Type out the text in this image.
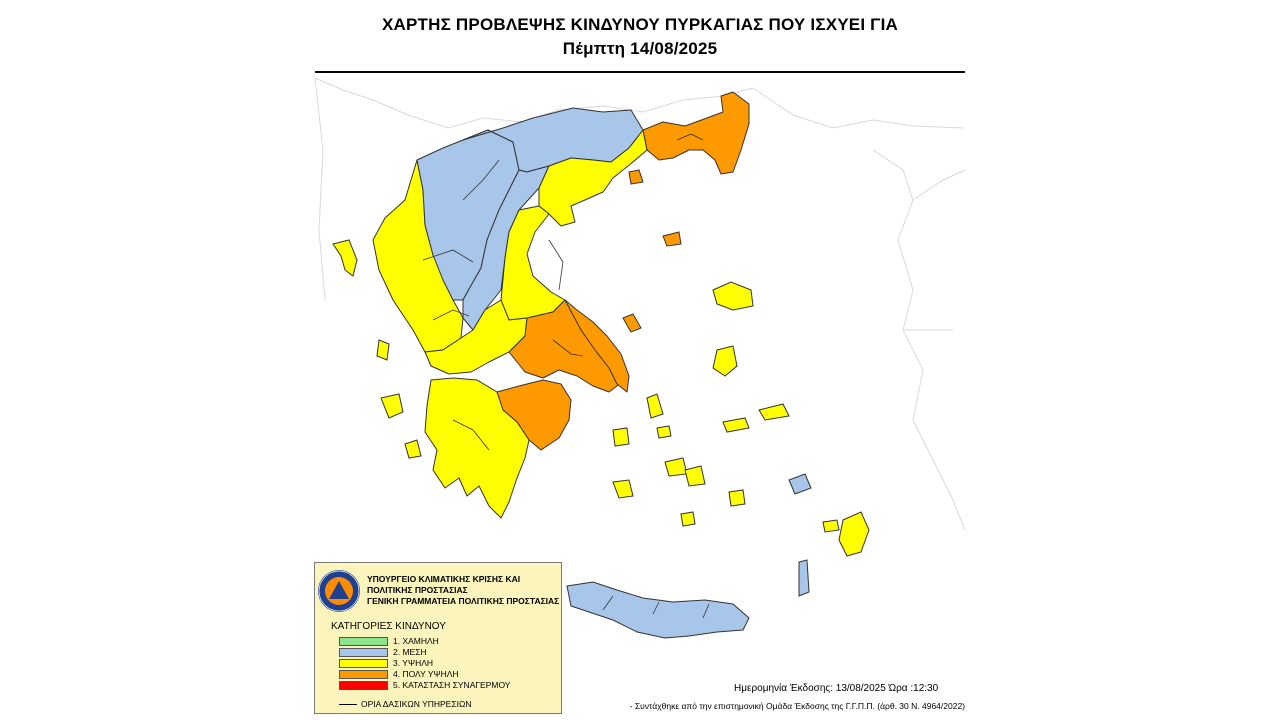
ΧΑΡΤΗΣ ΠΡΟΒΛΕΨΗΣ ΚΙΝΔΥΝΟΥ ΠΥΡΚΑΓΙΑΣ ΠΟΥ ΙΣΧΥΕΙ ΓΙΑ
Πέμπτη 14/08/2025
ΥΠΟΥΡΓΕΙΟ ΚΛΙΜΑΤΙΚΗΣ ΚΡΙΣΗΣ ΚΑΙ
ΠΟΛΙΤΙΚΗΣ ΠΡΟΣΤΑΣΙΑΣ
ΓΕΝΙΚΗ ΓΡΑΜΜΑΤΕΙΑ ΠΟΛΙΤΙΚΗΣ ΠΡΟΣΤΑΣΙΑΣ
ΚΑΤΗΓΟΡΙΕΣ ΚΙΝΔΥΝΟΥ
1. ΧΑΜΗΛΗ
2. ΜΕΣΗ
3. ΥΨΗΛΗ
4. ΠΟΛΥ ΥΨΗΛΗ
5. ΚΑΤΑΣΤΑΣΗ ΣΥΝΑΓΕΡΜΟΥ
ΟΡΙΑ ΔΑΣΙΚΩΝ ΥΠΗΡΕΣΙΩΝ
Ημερομηνία Έκδοσης: 13/08/2025 Ώρα :12:30
- Συντάχθηκε από την επιστημονική Ομάδα Έκδοσης της Γ.Γ.Π.Π. (άρθ. 30 Ν. 4964/2022)
